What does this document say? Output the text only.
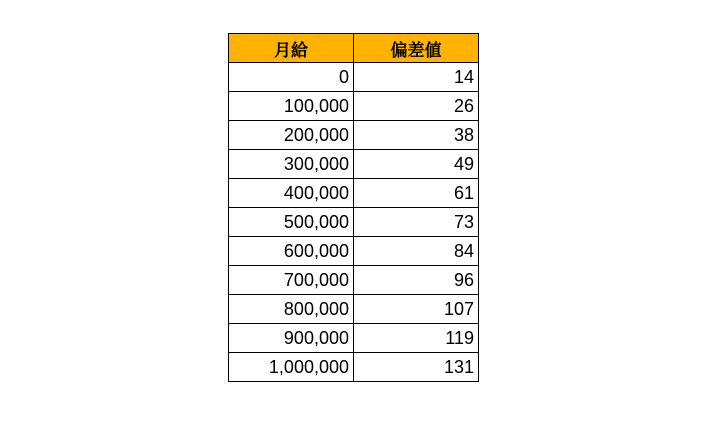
月給	偏差値
0	14
100,000	26
200,000	38
300,000	49
400,000	61
500,000	73
600,000	84
700,000	96
800,000	107
900,000	119
1,000,000	131
